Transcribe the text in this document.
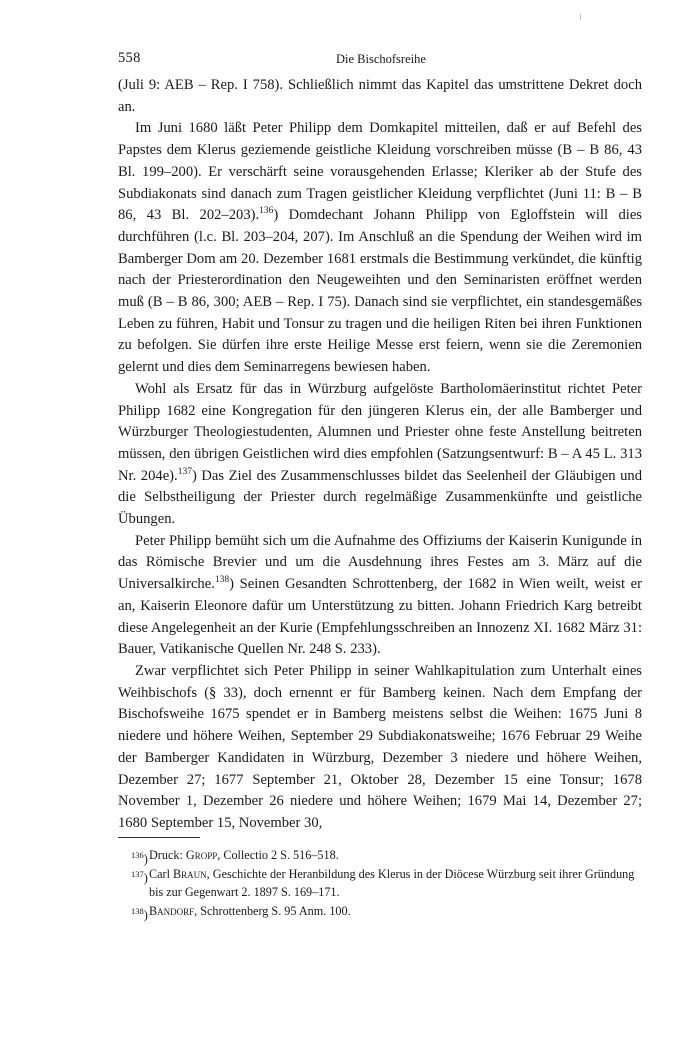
558	Die Bischofsreihe

(Juli 9: AEB – Rep. I 758). Schließlich nimmt das Kapitel das umstrittene Dekret doch an.

Im Juni 1680 läßt Peter Philipp dem Domkapitel mitteilen, daß er auf Befehl des Papstes dem Klerus geziemende geistliche Kleidung vorschreiben müsse (B – B 86, 43 Bl. 199–200). Er verschärft seine vorausgehenden Erlasse; Kleriker ab der Stufe des Subdiakonats sind danach zum Tragen geistlicher Kleidung verpflichtet (Juni 11: B – B 86, 43 Bl. 202–203).$^{136}$) Domdechant Johann Philipp von Egloffstein will dies durchführen (l.c. Bl. 203–204, 207). Im Anschluß an die Spendung der Weihen wird im Bamberger Dom am 20. Dezember 1681 erstmals die Bestimmung verkündet, die künftig nach der Priesterordination den Neugeweihten und den Seminaristen eröffnet werden muß (B – B 86, 300; AEB – Rep. I 75). Danach sind sie verpflichtet, ein standesgemäßes Leben zu führen, Habit und Tonsur zu tragen und die heiligen Riten bei ihren Funktionen zu befolgen. Sie dürfen ihre erste Heilige Messe erst feiern, wenn sie die Zeremonien gelernt und dies dem Seminarregens bewiesen haben.

Wohl als Ersatz für das in Würzburg aufgelöste Bartholomäerinstitut richtet Peter Philipp 1682 eine Kongregation für den jüngeren Klerus ein, der alle Bamberger und Würzburger Theologiestudenten, Alumnen und Priester ohne feste Anstellung beitreten müssen, den übrigen Geistlichen wird dies empfohlen (Satzungsentwurf: B – A 45 L. 313 Nr. 204e).$^{137}$) Das Ziel des Zusammenschlusses bildet das Seelenheil der Gläubigen und die Selbstheiligung der Priester durch regelmäßige Zusammenkünfte und geistliche Übungen.

Peter Philipp bemüht sich um die Aufnahme des Offiziums der Kaiserin Kunigunde in das Römische Brevier und um die Ausdehnung ihres Festes am 3. März auf die Universalkirche.$^{138}$) Seinen Gesandten Schrottenberg, der 1682 in Wien weilt, weist er an, Kaiserin Eleonore dafür um Unterstützung zu bitten. Johann Friedrich Karg betreibt diese Angelegenheit an der Kurie (Empfehlungsschreiben an Innozenz XI. 1682 März 31: Bauer, Vatikanische Quellen Nr. 248 S. 233).

Zwar verpflichtet sich Peter Philipp in seiner Wahlkapitulation zum Unterhalt eines Weihbischofs (§ 33), doch ernennt er für Bamberg keinen. Nach dem Empfang der Bischofsweihe 1675 spendet er in Bamberg meistens selbst die Weihen: 1675 Juni 8 niedere und höhere Weihen, September 29 Subdiakonatsweihe; 1676 Februar 29 Weihe der Bamberger Kandidaten in Würzburg, Dezember 3 niedere und höhere Weihen, Dezember 27; 1677 September 21, Oktober 28, Dezember 15 eine Tonsur; 1678 November 1, Dezember 26 niedere und höhere Weihen; 1679 Mai 14, Dezember 27; 1680 September 15, November 30,

$^{136}$) Druck: Gropp, Collectio 2 S. 516–518.
$^{137}$) Carl Braun, Geschichte der Heranbildung des Klerus in der Diöcese Würzburg seit ihrer Gründung bis zur Gegenwart 2. 1897 S. 169–171.
$^{138}$) Bandorf, Schrottenberg S. 95 Anm. 100.
